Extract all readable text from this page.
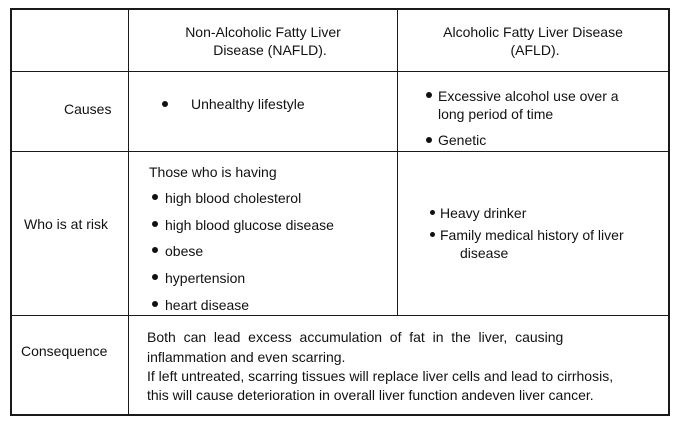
Non-Alcoholic Fatty Liver
Disease (NAFLD).
Alcoholic Fatty Liver Disease
(AFLD).
Causes	Unhealthy lifestyle	Excessive alcohol use over a
long period of time
Genetic
Who is at risk
Those who is having
high blood cholesterol
high blood glucose disease
obese
hypertension
heart disease
Heavy drinker
Family medical history of liver
disease
Consequence
Both  can  lead  excess  accumulation  of  fat  in  the  liver,  causing
inflammation and even scarring.
If left untreated, scarring tissues will replace liver cells and lead to cirrhosis,
this will cause deterioration in overall liver function andeven liver cancer.
